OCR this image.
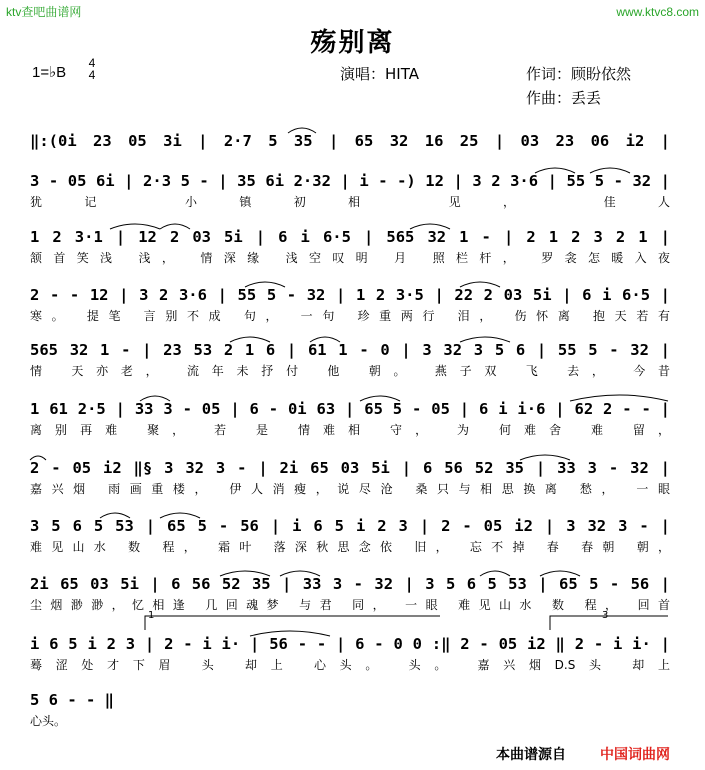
ktv查吧曲谱网	www.ktvc8.com
殇别离
1=♭B
4
4	演唱：HITA	作词：顾盼依然
作曲：丢丢
‖:(0i 23 05 3i | 2·7 5 35 | 65 32 16 25 | 03 23 06 i2 |
3 - 05 6i | 2·3 5 - | 35 6i 2·32 | i - -) 12 | 3 2 3·6 | 55 5 - 32 |
犹记 小镇初相 见， 佳人
1 2 3·1 | 12 2 03 5i | 6 i 6·5 | 565 32 1 - | 2 1 2 3 2 1 |
颔首笑浅 浅， 情深缘 浅空叹明 月 照栏杆， 罗衾怎暖入夜
2 - - 12 | 3 2 3·6 | 55 5 - 32 | 1 2 3·5 | 22 2 03 5i | 6 i 6·5 |
寒。 提笔 言别不成 句， 一句 珍重两行 泪， 伤怀离 抱天若有
565 32 1 - | 23 53 2 1 6 | 61 1 - 0 | 3 32 3 5 6 | 55 5 - 32 |
情 天亦老， 流年未抒付 他 朝。 燕子双 飞 去， 今昔
1 61 2·5 | 33 3 - 05 | 6 - 0i 63 | 65 5 - 05 | 6 i i·6 | 62 2 - - |
离别再难 聚， 若 是 情难相 守， 为 何难舍 难 留，
2 - 05 i2 ‖§ 3 32 3 - | 2i 65 03 5i | 6 56 52 35 | 33 3 - 32 |
嘉兴烟 雨画重楼， 伊人消瘦，说尽沧 桑只与相思换离 愁， 一眼
3 5 6 5 53 | 65 5 - 56 | i 6 5 i 2 3 | 2 - 05 i2 | 3 32 3 - |
难见山水 数 程， 霜叶 落深秋思念依 旧， 忘不掉 春 春朝 朝，
2i 65 03 5i | 6 56 52 35 | 33 3 - 32 | 3 5 6 5 53 | 65 5 - 56 |
尘烟渺渺，忆相逢 几回魂梦 与君 同， 一眼 难见山水 数 程， 回首
1	3
i 6 5 i 2 3 | 2 - i i· | 56 - - | 6 - 0 0 :‖ 2 - 05 i2 ‖ 2 - i i· |
蓦涩处才下眉 头 却上 心头。 头。 嘉兴烟D.S头 却上
5 6 - - ‖
心头。
本曲谱源自 中国词曲网
